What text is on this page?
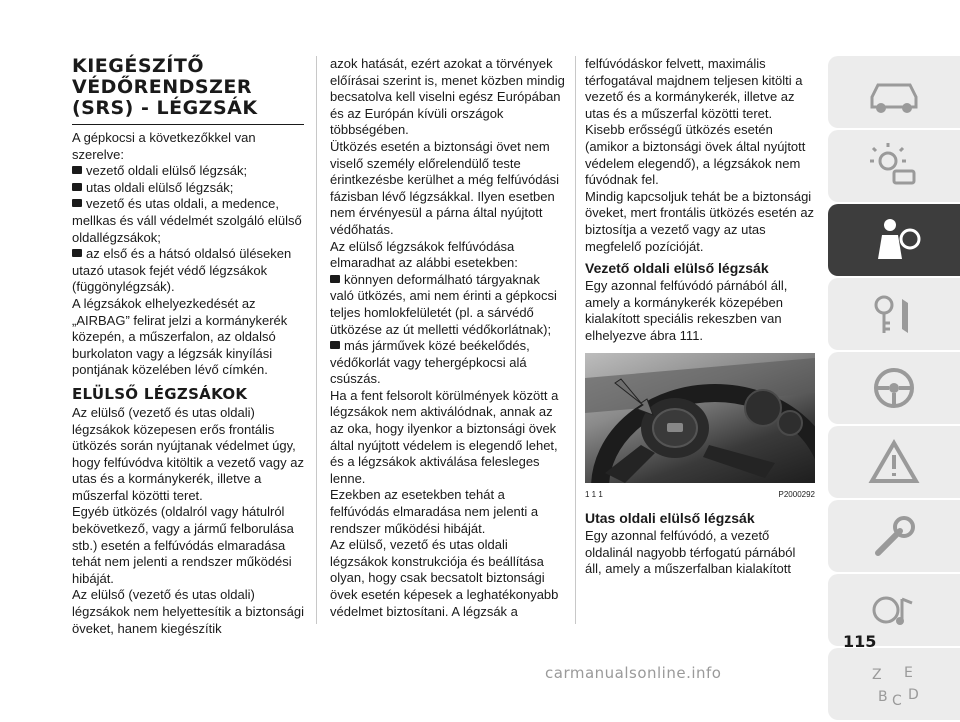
KIEGÉSZÍTŐ
VÉDŐRENDSZER
(SRS) - LÉGZSÁK

A gépkocsi a következőkkel van szerelve:

vezető oldali elülső légzsák;

utas oldali elülső légzsák;

vezető és utas oldali, a medence, mellkas és váll védelmét szolgáló elülső oldallégzsákok;

az első és a hátsó oldalsó üléseken utazó utasok fejét védő légzsákok (függönylégzsák).

A légzsákok elhelyezkedését az „AIRBAG” felirat jelzi a kormánykerék közepén, a műszerfalon, az oldalsó burkolaton vagy a légzsák kinyílási pontjának közelében lévő címkén.

ELÜLSŐ LÉGZSÁKOK

Az elülső (vezető és utas oldali) légzsákok közepesen erős frontális ütközés során nyújtanak védelmet úgy, hogy felfúvódva kitöltik a vezető vagy az utas és a kormánykerék, illetve a műszerfal közötti teret.

Egyéb ütközés (oldalról vagy hátulról bekövetkező, vagy a jármű felborulása stb.) esetén a felfúvódás elmaradása tehát nem jelenti a rendszer működési hibáját.

Az elülső (vezető és utas oldali) légzsákok nem helyettesítik a biztonsági öveket, hanem kiegészítik

azok hatását, ezért azokat a törvények előírásai szerint is, menet közben mindig becsatolva kell viselni egész Európában és az Európán kívüli országok többségében.

Ütközés esetén a biztonsági övet nem viselő személy előrelendülő teste érintkezésbe kerülhet a még felfúvódási fázisban lévő légzsákkal. Ilyen esetben nem érvényesül a párna által nyújtott védőhatás.

Az elülső légzsákok felfúvódása elmaradhat az alábbi esetekben:

könnyen deformálható tárgyaknak való ütközés, ami nem érinti a gépkocsi teljes homlokfelületét (pl. a sárvédő ütközése az út melletti védőkorlátnak);

más járművek közé beékelődés, védőkorlát vagy tehergépkocsi alá csúszás.

Ha a fent felsorolt körülmények között a légzsákok nem aktiválódnak, annak az az oka, hogy ilyenkor a biztonsági övek által nyújtott védelem is elegendő lehet, és a légzsákok aktiválása felesleges lenne.

Ezekben az esetekben tehát a felfúvódás elmaradása nem jelenti a rendszer működési hibáját.

Az elülső, vezető és utas oldali légzsákok konstrukciója és beállítása olyan, hogy csak becsatolt biztonsági övek esetén képesek a leghatékonyabb védelmet biztosítani. A légzsák a

felfúvódáskor felvett, maximális térfogatával majdnem teljesen kitölti a vezető és a kormánykerék, illetve az utas és a műszerfal közötti teret.

Kisebb erősségű ütközés esetén (amikor a biztonsági övek által nyújtott védelem elegendő), a légzsákok nem fúvódnak fel.

Mindig kapcsoljuk tehát be a biztonsági öveket, mert frontális ütközés esetén az biztosítja a vezető vagy az utas megfelelő pozícióját.

Vezető oldali elülső légzsák

Egy azonnal felfúvódó párnából áll, amely a kormánykerék közepében kialakított speciális rekeszben van elhelyezve ábra 111.

1 1 1	P2000292
Utas oldali elülső légzsák

Egy azonnal felfúvódó, a vezető oldalinál nagyobb térfogatú párnából áll, amely a műszerfalban kialakított

Z E
B C D
115
carmanualsonline.info
